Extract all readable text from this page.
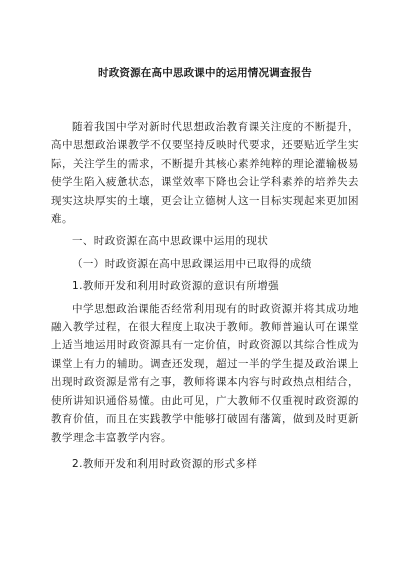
时政资源在高中思政课中的运用情况调查报告

随着我国中学对新时代思想政治教育课关注度的不断提升，高中思想政治课教学不仅要坚持反映时代要求，还要贴近学生实际，关注学生的需求，不断提升其核心素养纯粹的理论灌输极易使学生陷入疲惫状态，课堂效率下降也会让学科素养的培养失去现实这块厚实的土壤，更会让立德树人这一目标实现起来更加困难。

一、时政资源在高中思政课中运用的现状

（一）时政资源在高中思政课运用中已取得的成绩

1.教师开发和利用时政资源的意识有所增强

中学思想政治课能否经常利用现有的时政资源并将其成功地融入教学过程，在很大程度上取决于教师。教师普遍认可在课堂上适当地运用时政资源具有一定价值，时政资源以其综合性成为课堂上有力的辅助。调查还发现，超过一半的学生提及政治课上出现时政资源是常有之事，教师将课本内容与时政热点相结合，使所讲知识通俗易懂。由此可见，广大教师不仅重视时政资源的教育价值，而且在实践教学中能够打破固有藩篱，做到及时更新教学理念丰富教学内容。

2.教师开发和利用时政资源的形式多样
